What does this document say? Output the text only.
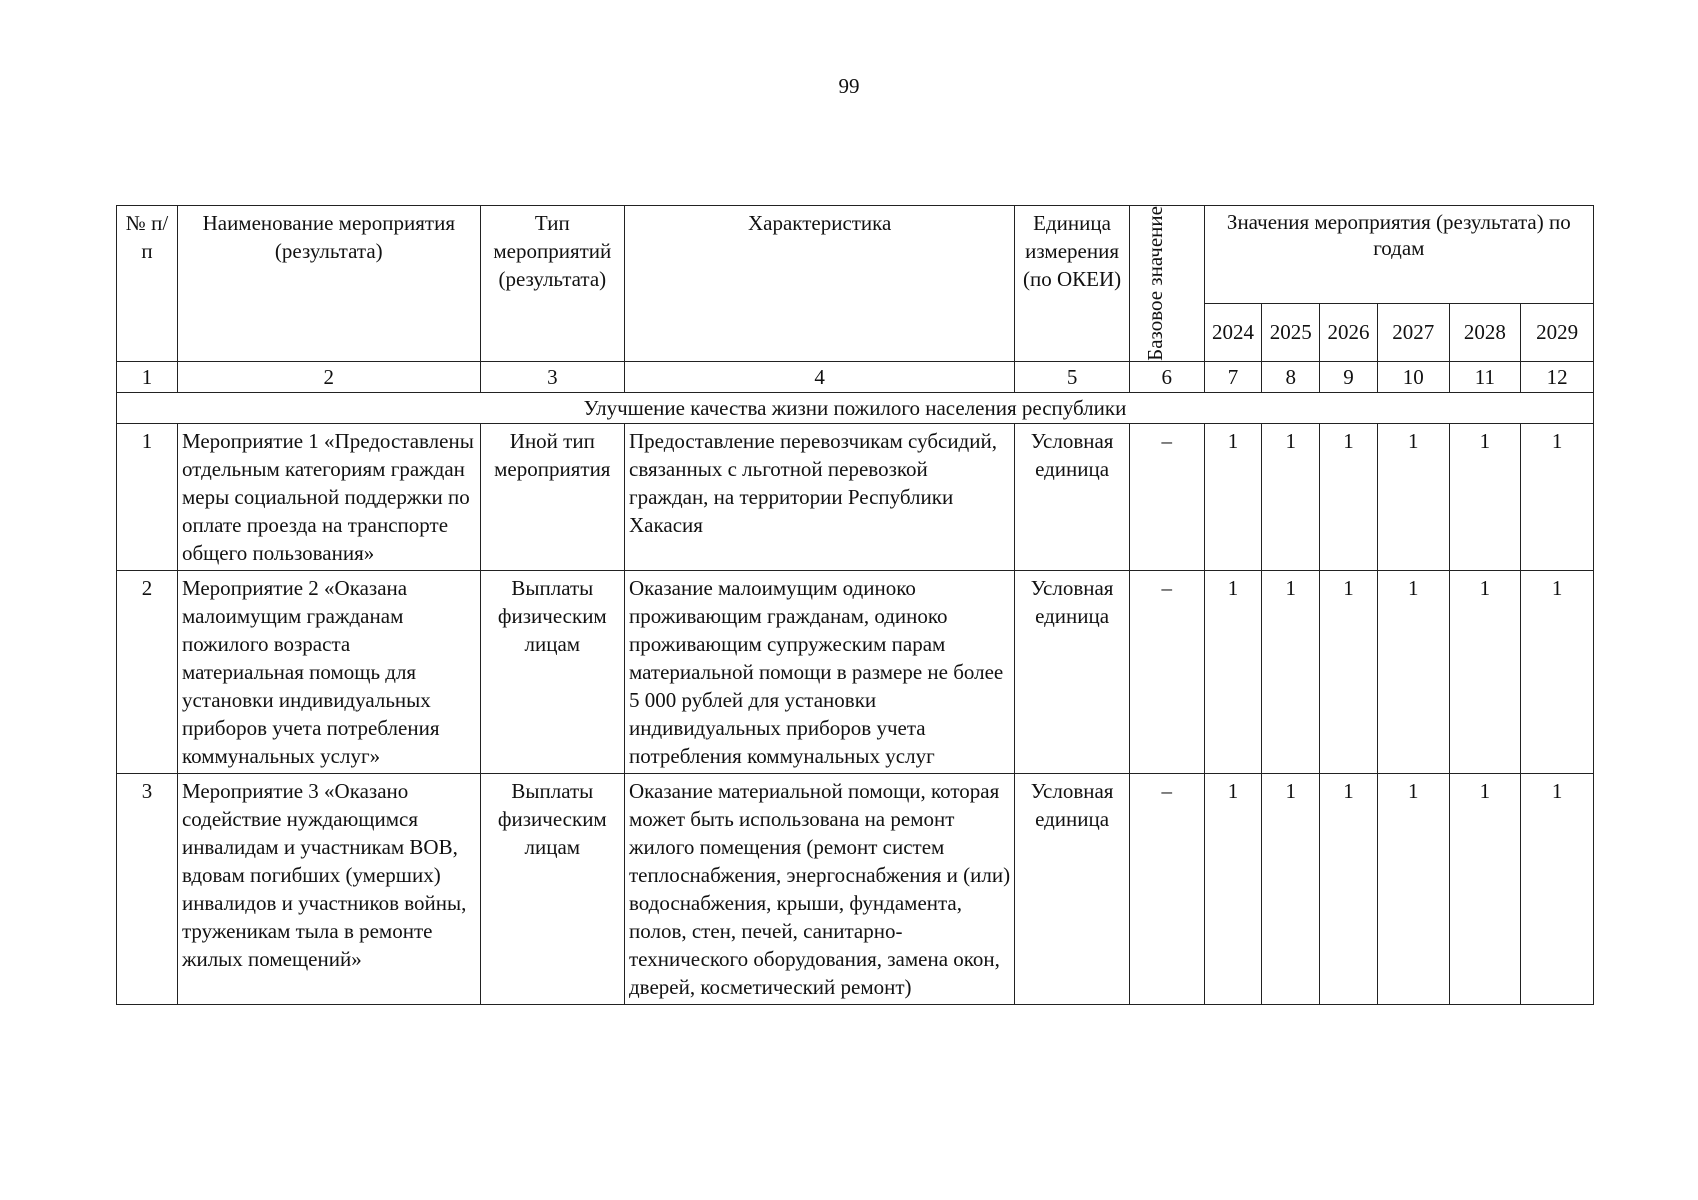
99
№ п/п	Наименование мероприятия (результата)	Тип мероприятий (результата)	Характеристика	Единица измерения (по ОКЕИ)	Базовое значение	Значения мероприятия (результата) по годам					
						2024	2025	2026	2027	2028	2029
1	2	3	4	5	6	7	8	9	10	11	12
Улучшение качества жизни пожилого населения республики											
1	Мероприятие 1 «Предоставлены отдельным категориям граждан меры социальной поддержки по оплате проезда на транспорте общего пользования»	Иной тип мероприятия	Предоставление перевозчикам субсидий, связанных с льготной перевозкой граждан, на территории Республики Хакасия	Условная единица	–	1	1	1	1	1	1
2	Мероприятие 2 «Оказана малоимущим гражданам пожилого возраста материальная помощь для установки индивидуальных приборов учета потребления коммунальных услуг»	Выплаты физическим лицам	Оказание малоимущим одиноко проживающим гражданам, одиноко проживающим супружеским парам материальной помощи в размере не более 5 000 рублей для установки индивидуальных приборов учета потребления коммунальных услуг	Условная единица	–	1	1	1	1	1	1
3	Мероприятие 3 «Оказано содействие нуждающимся инвалидам и участникам ВОВ, вдовам погибших (умерших) инвалидов и участников войны, труженикам тыла в ремонте жилых помещений»	Выплаты физическим лицам	Оказание материальной помощи, которая может быть использована на ремонт жилого помещения (ремонт систем теплоснабжения, энергоснабжения и (или) водоснабжения, крыши, фундамента, полов, стен, печей, санитарно-технического оборудования, замена окон, дверей, косметический ремонт)	Условная единица	–	1	1	1	1	1	1
